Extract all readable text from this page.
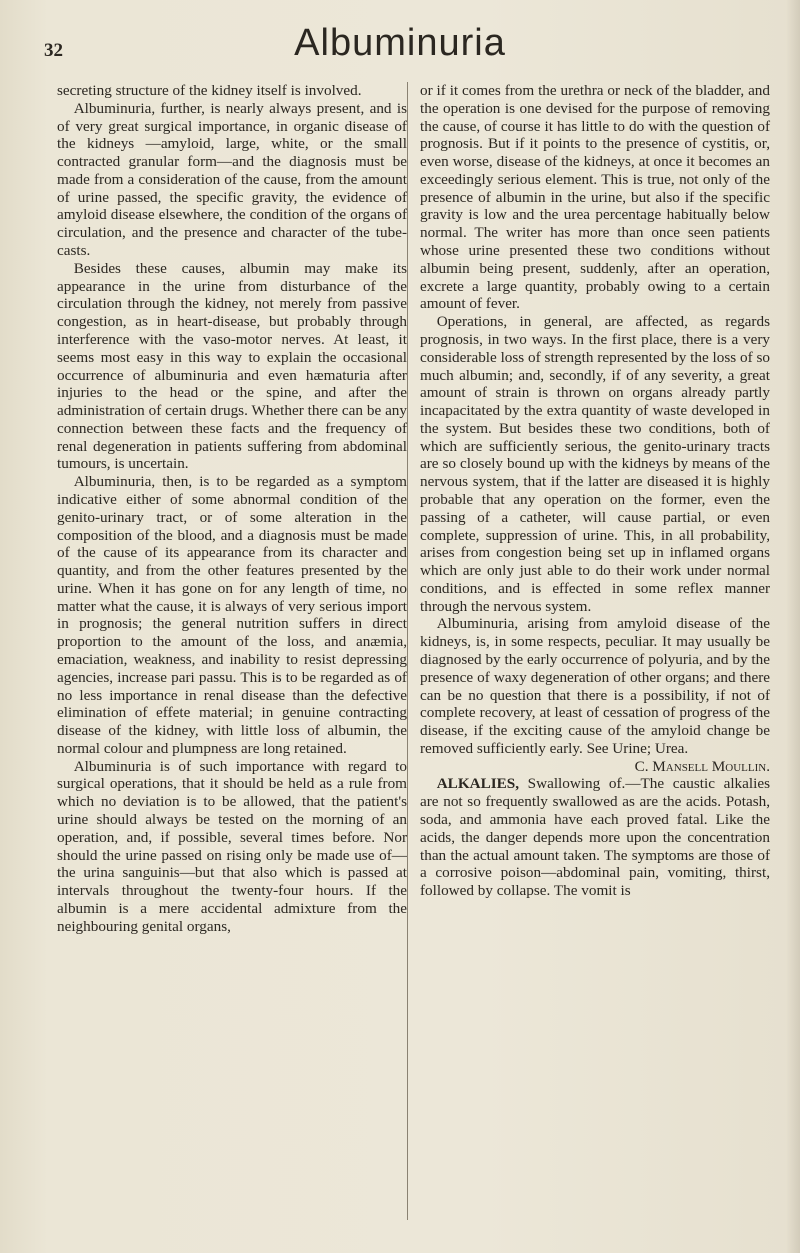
32	Albuminuria

secreting structure of the kidney itself is involved.

Albuminuria, further, is nearly always present, and is of very great surgical importance, in organic disease of the kidneys —amyloid, large, white, or the small contracted granular form—and the diagnosis must be made from a consideration of the cause, from the amount of urine passed, the specific gravity, the evidence of amyloid disease elsewhere, the condition of the organs of circulation, and the presence and character of the tube-casts.

Besides these causes, albumin may make its appearance in the urine from disturbance of the circulation through the kidney, not merely from passive congestion, as in heart-disease, but probably through interference with the vaso-motor nerves. At least, it seems most easy in this way to explain the occasional occurrence of albuminuria and even hæmaturia after injuries to the head or the spine, and after the administration of certain drugs. Whether there can be any connection between these facts and the frequency of renal degeneration in patients suffering from abdominal tumours, is uncertain.

Albuminuria, then, is to be regarded as a symptom indicative either of some abnormal condition of the genito-urinary tract, or of some alteration in the composition of the blood, and a diagnosis must be made of the cause of its appearance from its character and quantity, and from the other features presented by the urine. When it has gone on for any length of time, no matter what the cause, it is always of very serious import in prognosis; the general nutrition suffers in direct proportion to the amount of the loss, and anæmia, emaciation, weakness, and inability to resist depressing agencies, increase pari passu. This is to be regarded as of no less importance in renal disease than the defective elimination of effete material; in genuine contracting disease of the kidney, with little loss of albumin, the normal colour and plumpness are long retained.

Albuminuria is of such importance with regard to surgical operations, that it should be held as a rule from which no deviation is to be allowed, that the patient's urine should always be tested on the morning of an operation, and, if possible, several times before. Nor should the urine passed on rising only be made use of—the urina sanguinis—but that also which is passed at intervals throughout the twenty-four hours. If the albumin is a mere accidental admixture from the neighbouring genital organs,

or if it comes from the urethra or neck of the bladder, and the operation is one devised for the purpose of removing the cause, of course it has little to do with the question of prognosis. But if it points to the presence of cystitis, or, even worse, disease of the kidneys, at once it becomes an exceedingly serious element. This is true, not only of the presence of albumin in the urine, but also if the specific gravity is low and the urea percentage habitually below normal. The writer has more than once seen patients whose urine presented these two conditions without albumin being present, suddenly, after an operation, excrete a large quantity, probably owing to a certain amount of fever.

Operations, in general, are affected, as regards prognosis, in two ways. In the first place, there is a very considerable loss of strength represented by the loss of so much albumin; and, secondly, if of any severity, a great amount of strain is thrown on organs already partly incapacitated by the extra quantity of waste developed in the system. But besides these two conditions, both of which are sufficiently serious, the genito-urinary tracts are so closely bound up with the kidneys by means of the nervous system, that if the latter are diseased it is highly probable that any operation on the former, even the passing of a catheter, will cause partial, or even complete, suppression of urine. This, in all probability, arises from congestion being set up in inflamed organs which are only just able to do their work under normal conditions, and is effected in some reflex manner through the nervous system.

Albuminuria, arising from amyloid disease of the kidneys, is, in some respects, peculiar. It may usually be diagnosed by the early occurrence of polyuria, and by the presence of waxy degeneration of other organs; and there can be no question that there is a possibility, if not of complete recovery, at least of cessation of progress of the disease, if the exciting cause of the amyloid change be removed sufficiently early. See Urine; Urea.

C. Mansell Moullin.

ALKALIES, Swallowing of.—The caustic alkalies are not so frequently swallowed as are the acids. Potash, soda, and ammonia have each proved fatal. Like the acids, the danger depends more upon the concentration than the actual amount taken. The symptoms are those of a corrosive poison—abdominal pain, vomiting, thirst, followed by collapse. The vomit is
